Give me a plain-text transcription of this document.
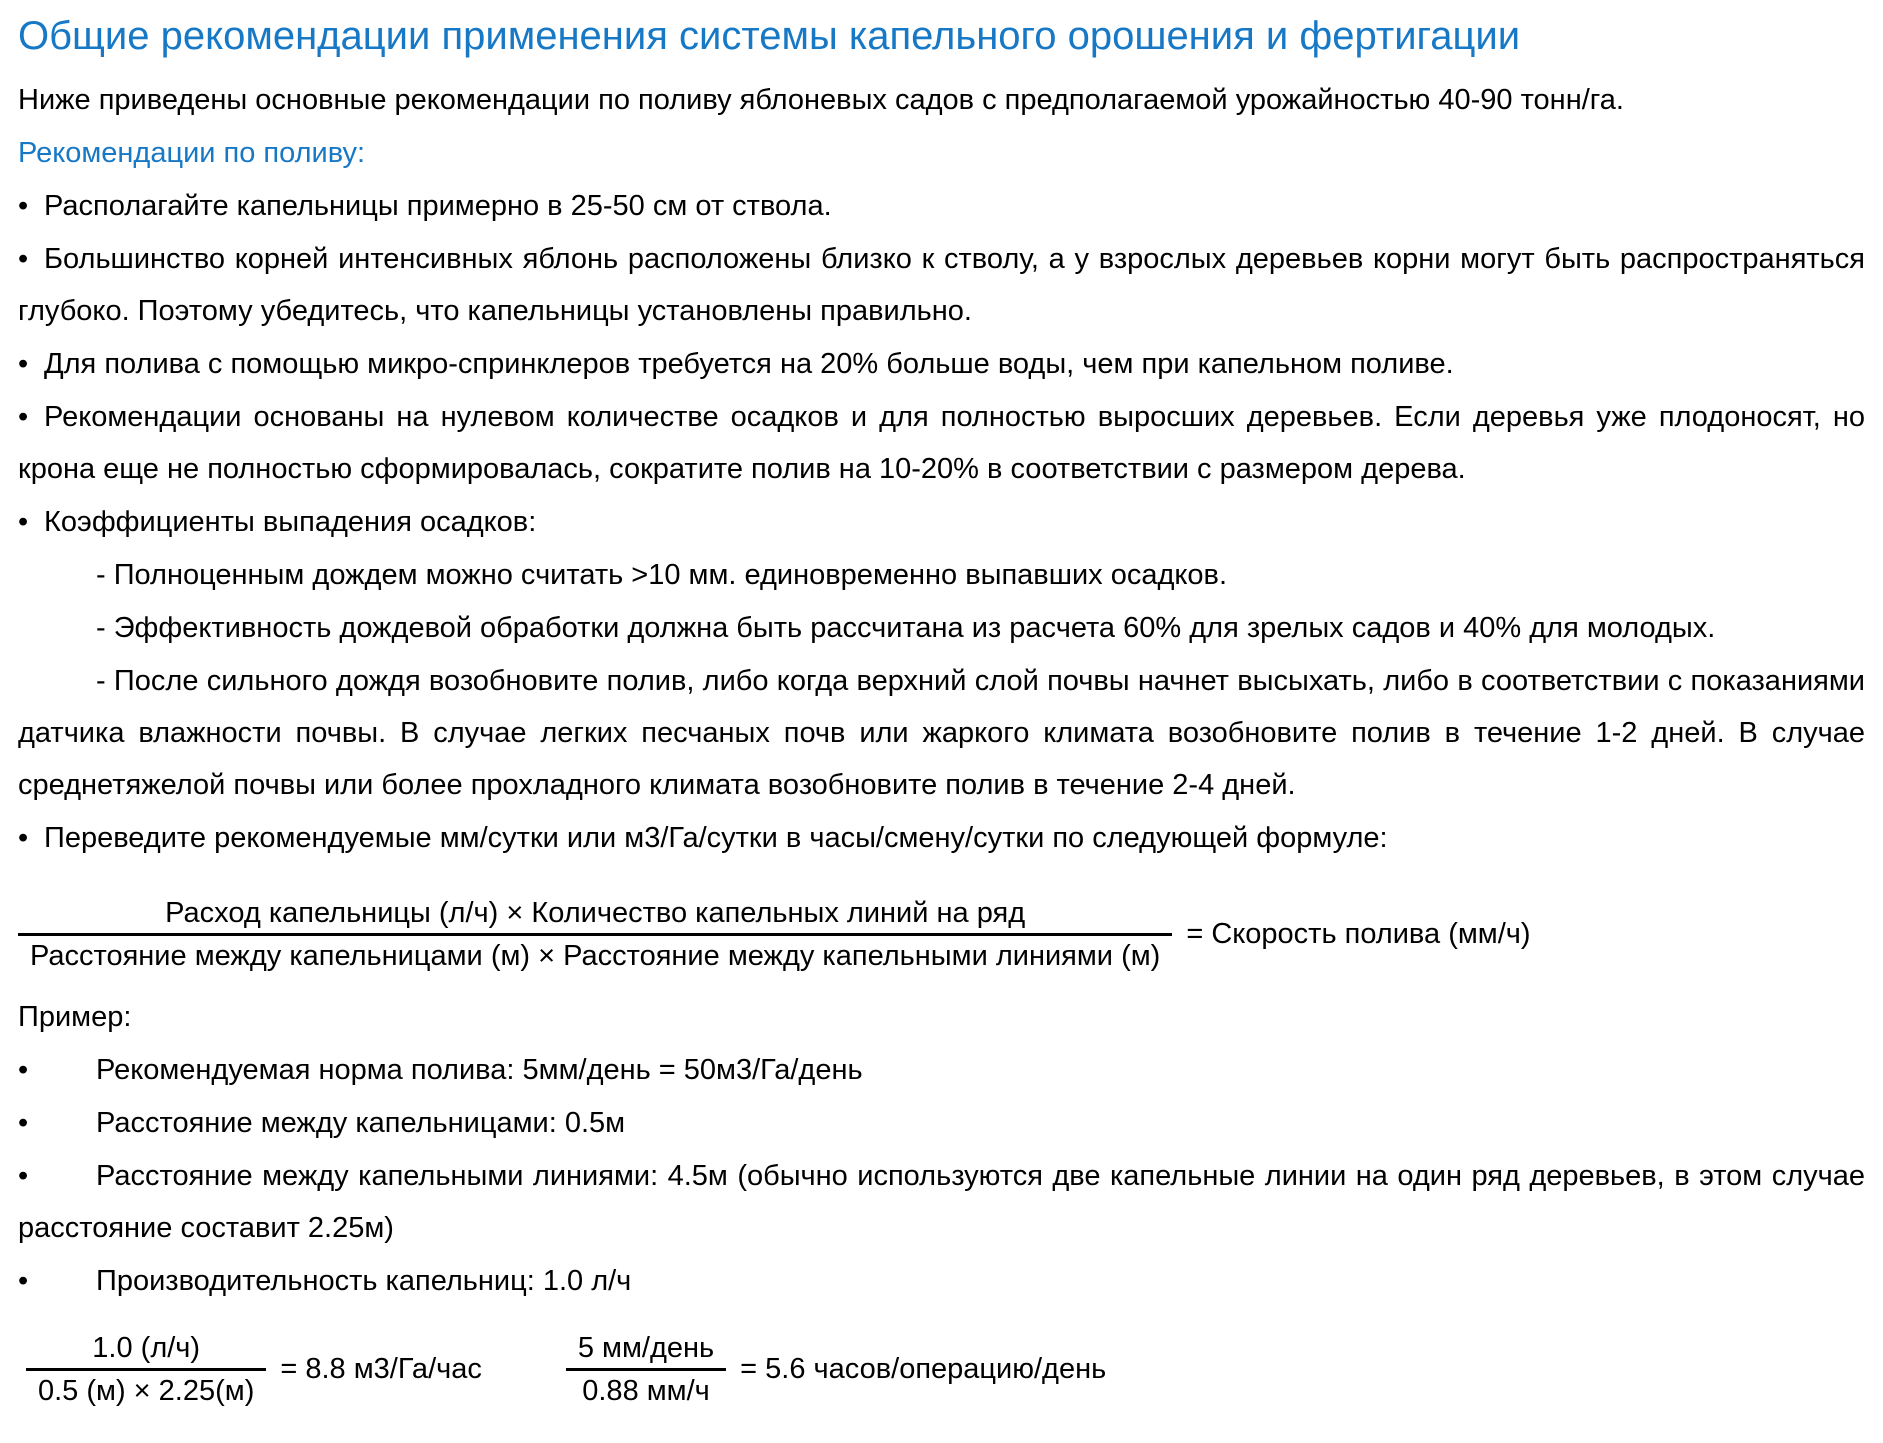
Общие рекомендации применения системы капельного орошения и фертигации

Ниже приведены основные рекомендации по поливу яблоневых садов с предполагаемой урожайностью 40-90 тонн/га.

Рекомендации по поливу:

• Располагайте капельницы примерно в 25-50 см от ствола.

• Большинство корней интенсивных яблонь расположены близко к стволу, а у взрослых деревьев корни могут быть распространяться глубоко. Поэтому убедитесь, что капельницы установлены правильно.

• Для полива с помощью микро-спринклеров требуется на 20% больше воды, чем при капельном поливе.

• Рекомендации основаны на нулевом количестве осадков и для полностью выросших деревьев. Если деревья уже плодоносят, но крона еще не полностью сформировалась, сократите полив на 10-20% в соответствии с размером дерева.

• Коэффициенты выпадения осадков:

- Полноценным дождем можно считать >10 мм. единовременно выпавших осадков.

- Эффективность дождевой обработки должна быть рассчитана из расчета 60% для зрелых садов и 40% для молодых.

- После сильного дождя возобновите полив, либо когда верхний слой почвы начнет высыхать, либо в соответствии с показаниями датчика влажности почвы. В случае легких песчаных почв или жаркого климата возобновите полив в течение 1-2 дней. В случае среднетяжелой почвы или более прохладного климата возобновите полив в течение 2-4 дней.

• Переведите рекомендуемые мм/сутки или м3/Га/сутки в часы/смену/сутки по следующей формуле:

Расход капельницы (л/ч) × Количество капельных линий на ряд
Расстояние между капельницами (м) × Расстояние между капельными линиями (м)
= Скорость полива (мм/ч)

Пример:

• Рекомендуемая норма полива: 5мм/день = 50м3/Га/день

• Расстояние между капельницами: 0.5м

• Расстояние между капельными линиями: 4.5м (обычно используются две капельные линии на один ряд деревьев, в этом случае расстояние составит 2.25м)

• Производительность капельниц: 1.0 л/ч

$\frac{1.0 (л/ч)}{0.5 (м) \times 2.25(м)} = 8.8$ м3/Га/час	$\frac{\text{5 мм/день}}{0.88 мм/ч} = 5.6$ часов/операцию/день
